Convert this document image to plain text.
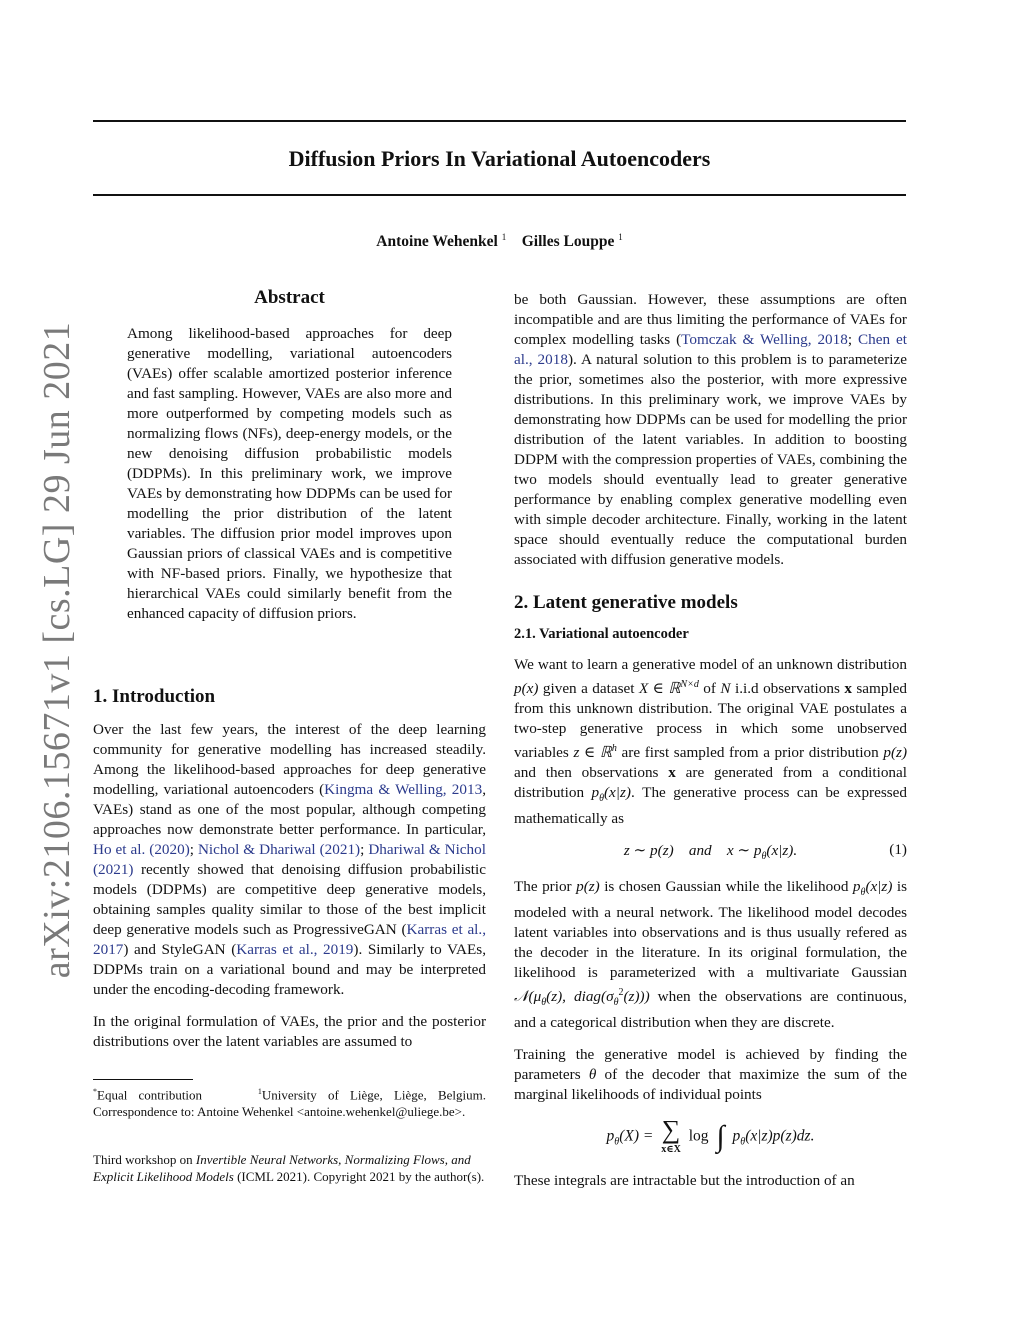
Diffusion Priors In Variational Autoencoders
Antoine Wehenkel $^1$ Gilles Louppe $^1$
arXiv:2106.15671v1 [cs.LG] 29 Jun 2021
Abstract
Among likelihood-based approaches for deep generative modelling, variational autoencoders (VAEs) offer scalable amortized posterior inference and fast sampling. However, VAEs are also more and more outperformed by competing models such as normalizing flows (NFs), deep-energy models, or the new denoising diffusion probabilistic models (DDPMs). In this preliminary work, we improve VAEs by demonstrating how DDPMs can be used for modelling the prior distribution of the latent variables. The diffusion prior model improves upon Gaussian priors of classical VAEs and is competitive with NF-based priors. Finally, we hypothesize that hierarchical VAEs could similarly benefit from the enhanced capacity of diffusion priors.
1. Introduction

Over the last few years, the interest of the deep learning community for generative modelling has increased steadily. Among the likelihood-based approaches for deep generative modelling, variational autoencoders (Kingma & Welling, 2013, VAEs) stand as one of the most popular, although competing approaches now demonstrate better performance. In particular, Ho et al. (2020); Nichol & Dhariwal (2021); Dhariwal & Nichol (2021) recently showed that denoising diffusion probabilistic models (DDPMs) are competitive deep generative models, obtaining samples quality similar to those of the best implicit deep generative models such as ProgressiveGAN (Karras et al., 2017) and StyleGAN (Karras et al., 2019). Similarly to VAEs, DDPMs train on a variational bound and may be interpreted under the encoding-decoding framework.

In the original formulation of VAEs, the prior and the posterior distributions over the latent variables are assumed to

*Equal contribution	$^1$University of Liège, Liège, Belgium. Correspondence to: Antoine Wehenkel <antoine.wehenkel@uliege.be>.
Third workshop on Invertible Neural Networks, Normalizing Flows, and Explicit Likelihood Models (ICML 2021). Copyright 2021 by the author(s).

be both Gaussian. However, these assumptions are often incompatible and are thus limiting the performance of VAEs for complex modelling tasks (Tomczak & Welling, 2018; Chen et al., 2018). A natural solution to this problem is to parameterize the prior, sometimes also the posterior, with more expressive distributions. In this preliminary work, we improve VAEs by demonstrating how DDPMs can be used for modelling the prior distribution of the latent variables. In addition to boosting DDPM with the compression properties of VAEs, combining the two models should eventually lead to greater generative performance by enabling complex generative modelling even with simple decoder architecture. Finally, working in the latent space should eventually reduce the computational burden associated with diffusion generative models.

2. Latent generative models
2.1. Variational autoencoder

We want to learn a generative model of an unknown distribution p(x) given a dataset X ∈ ℝ$^{N\times d}$ of N i.i.d observations x sampled from this unknown distribution. The original VAE postulates a two-step generative process in which some unobserved variables z ∈ ℝ$^h$ are first sampled from a prior distribution p(z) and then observations x are generated from a conditional distribution $p_\theta(x|z)$. The generative process can be expressed mathematically as

z ∼ p(z)    and    x ∼ $p_\theta(x|z)$.	(1)

The prior p(z) is chosen Gaussian while the likelihood $p_\theta(x|z)$ is modeled with a neural network. The likelihood model decodes latent variables into observations and is thus usually refered as the decoder in the literature. In its original formulation, the likelihood is parameterized with a multivariate Gaussian $𝒩(\mu_\theta(z)$, $diag(\sigma_\theta^2(z))$) when the observations are continuous, and a categorical distribution when they are discrete.

Training the generative model is achieved by finding the parameters θ of the decoder that maximize the sum of the marginal likelihoods of individual points

$p_\theta(X)$ = ∑
x∈X
log ∫ $p_\theta(x|z)p(z)dz$.

These integrals are intractable but the introduction of an
